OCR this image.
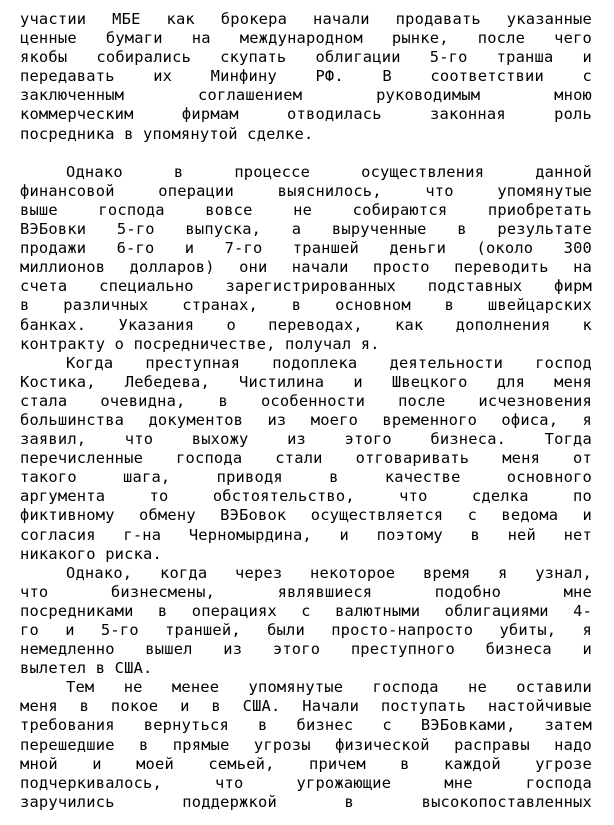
участии МБЕ как брокера начали продавать указанные
ценные бумаги на международном рынке, после чего
якобы собирались скупать облигации 5-го транша и
передавать их Минфину РФ. В соответствии с
заключенным соглашением руководимым мною
коммерческим фирмам отводилась законная роль
посредника в упомянутой сделке.
Однако в процессе осуществления данной
финансовой операции выяснилось, что упомянутые
выше господа вовсе не собираются приобретать
ВЭБовки 5-го выпуска, а вырученные в результате
продажи 6-го и 7-го траншей деньги (около 300
миллионов долларов) они начали просто переводить на
счета специально зарегистрированных подставных фирм
в различных странах, в основном в швейцарских
банках. Указания о переводах, как дополнения к
контракту о посредничестве, получал я.
Когда преступная подоплека деятельности господ
Костика, Лебедева, Чистилина и Швецкого для меня
стала очевидна, в особенности после исчезновения
большинства документов из моего временного офиса, я
заявил, что выхожу из этого бизнеса. Тогда
перечисленные господа стали отговаривать меня от
такого шага, приводя в качестве основного
аргумента то обстоятельство, что сделка по
фиктивному обмену ВЭБовок осуществляется с ведома и
согласия г-на Черномырдина, и поэтому в ней нет
никакого риска.
Однако, когда через некоторое время я узнал,
что бизнесмены, являвшиеся подобно мне
посредниками в операциях с валютными облигациями 4-
го и 5-го траншей, были просто-напросто убиты, я
немедленно вышел из этого преступного бизнеса и
вылетел в США.
Тем не менее упомянутые господа не оставили
меня в покое и в США. Начали поступать настойчивые
требования вернуться в бизнес с ВЭБовками, затем
перешедшие в прямые угрозы физической расправы надо
мной и моей семьей, причем в каждой угрозе
подчеркивалось, что угрожающие мне господа
заручились поддержкой в высокопоставленных
